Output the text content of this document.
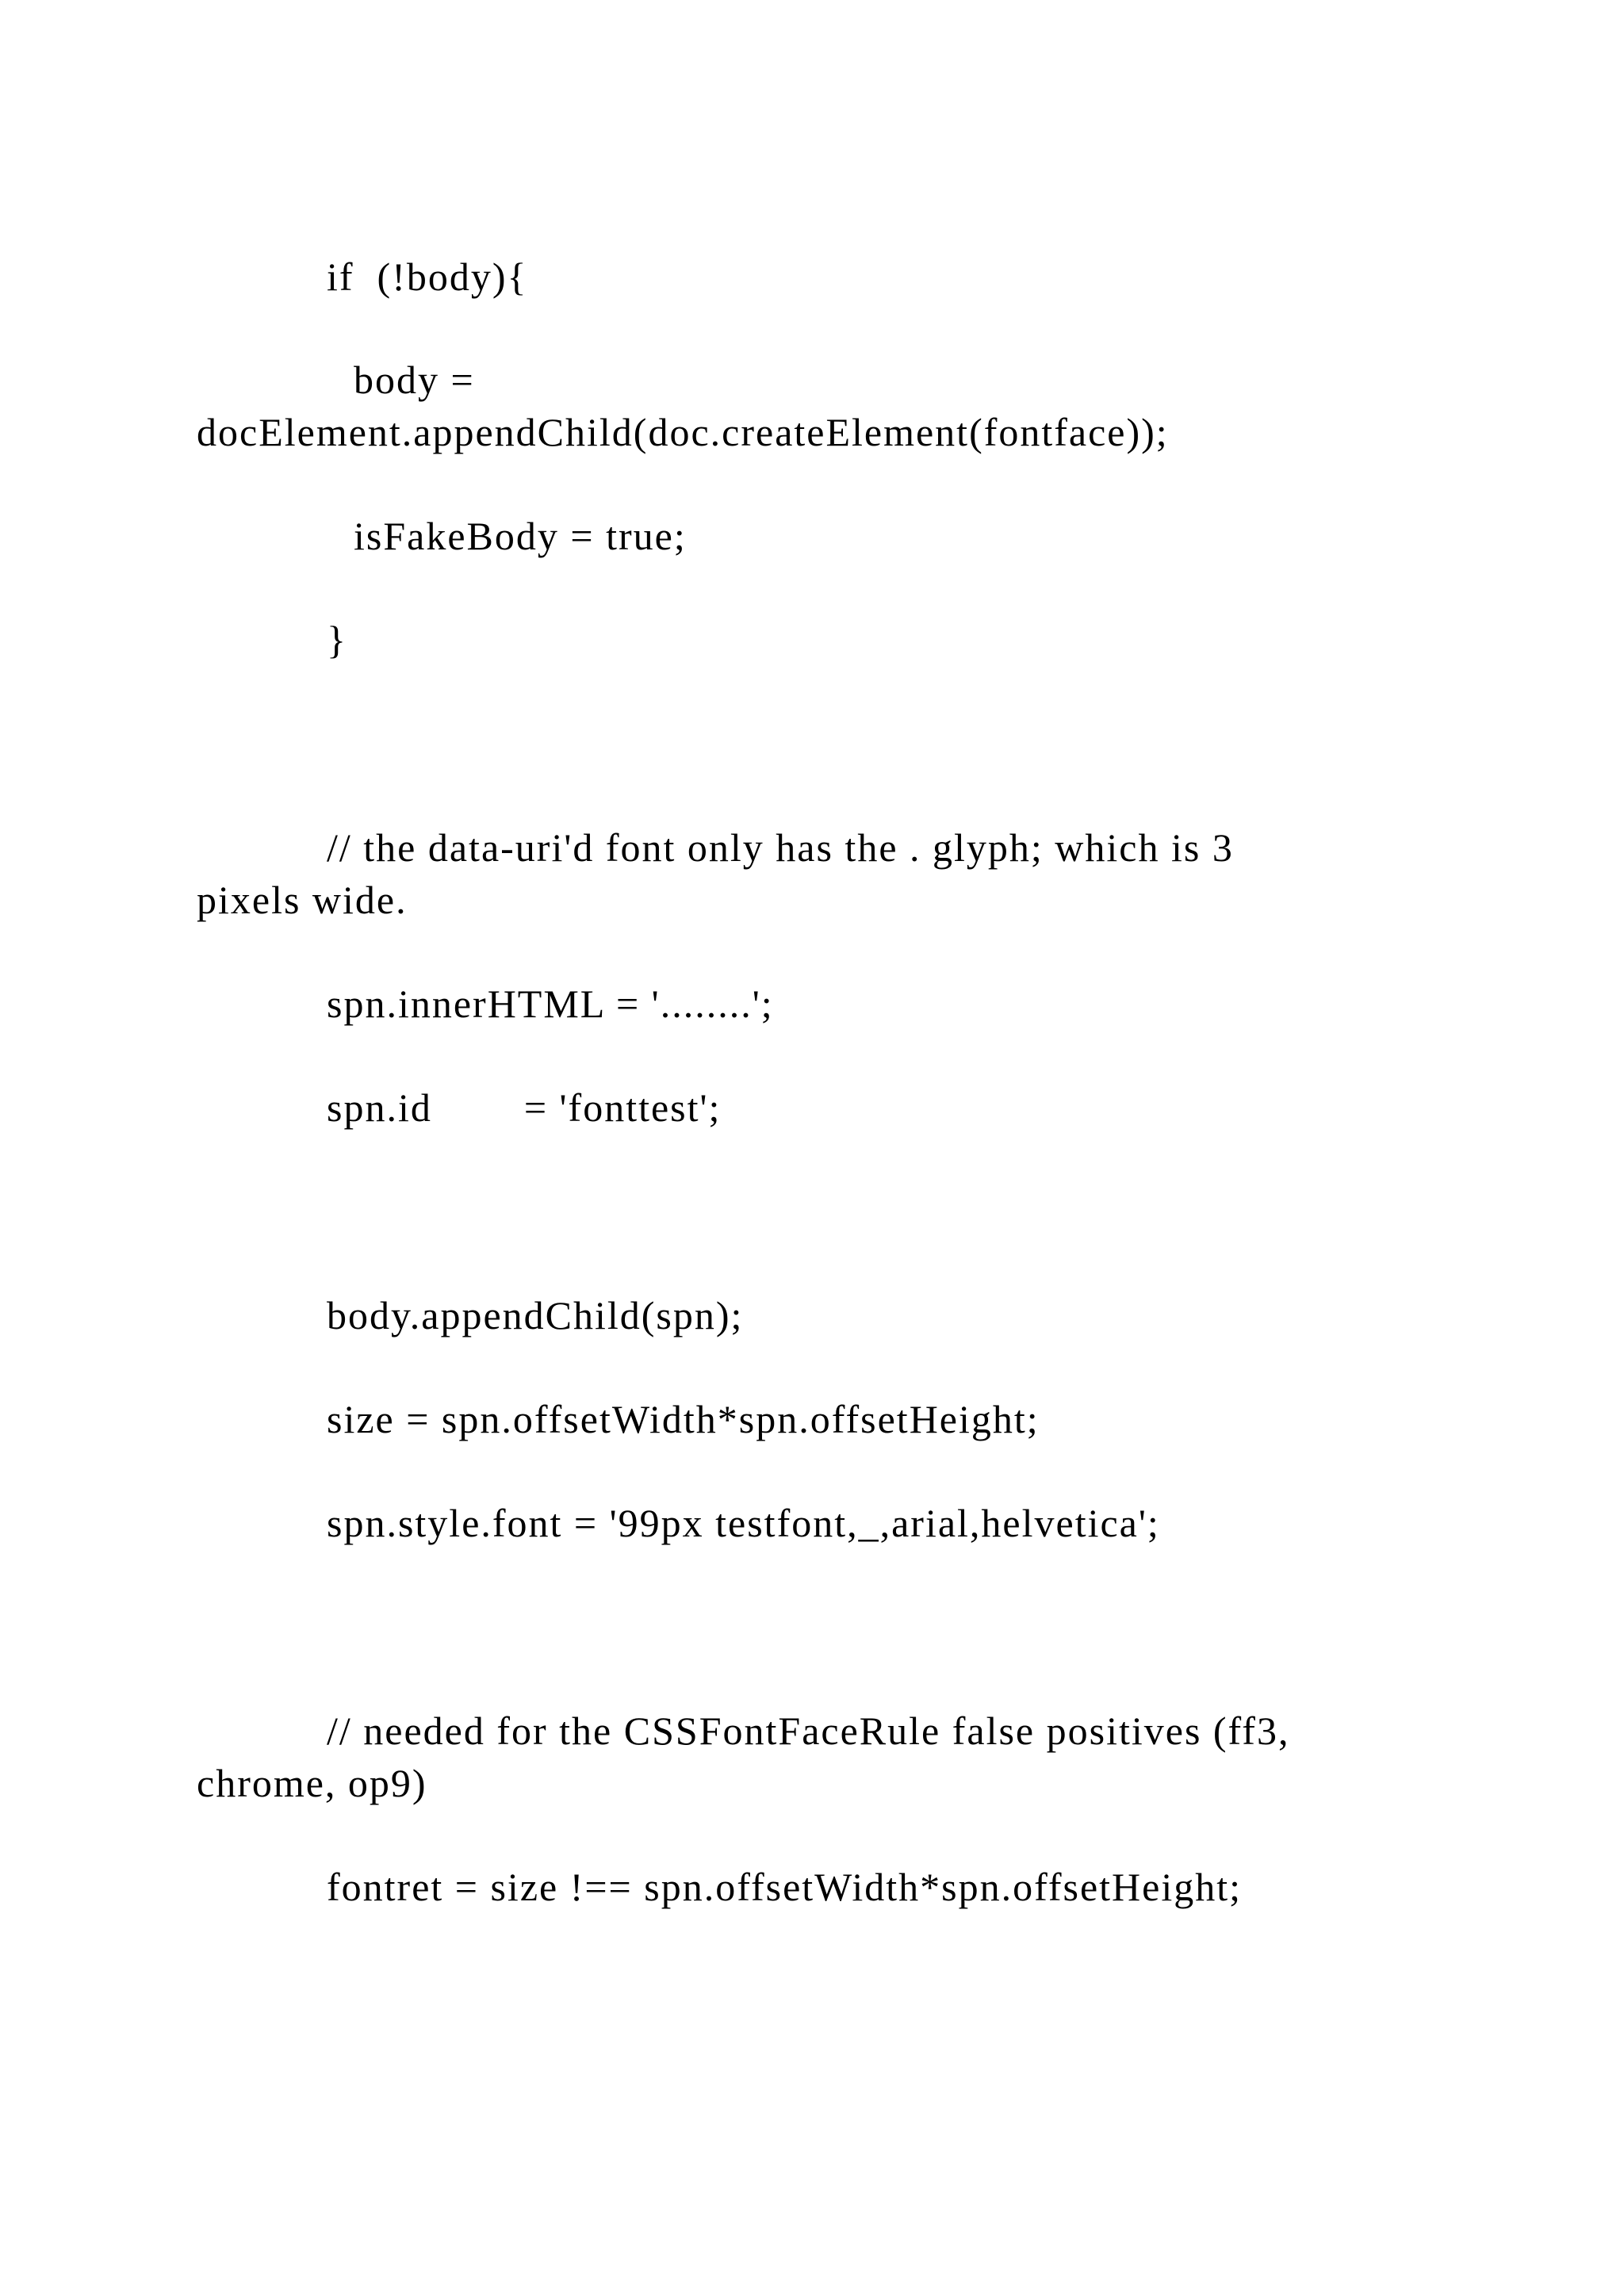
if  (!body){

body =

docElement.appendChild(doc.createElement(fontface));

isFakeBody = true;

}

// the data-uri'd font only has the . glyph; which is 3

pixels wide.

spn.innerHTML = '........';

spn.id        = 'fonttest';

body.appendChild(spn);

size = spn.offsetWidth*spn.offsetHeight;

spn.style.font = '99px testfont,_,arial,helvetica';

// needed for the CSSFontFaceRule false positives (ff3,

chrome, op9)

fontret = size !== spn.offsetWidth*spn.offsetHeight;
